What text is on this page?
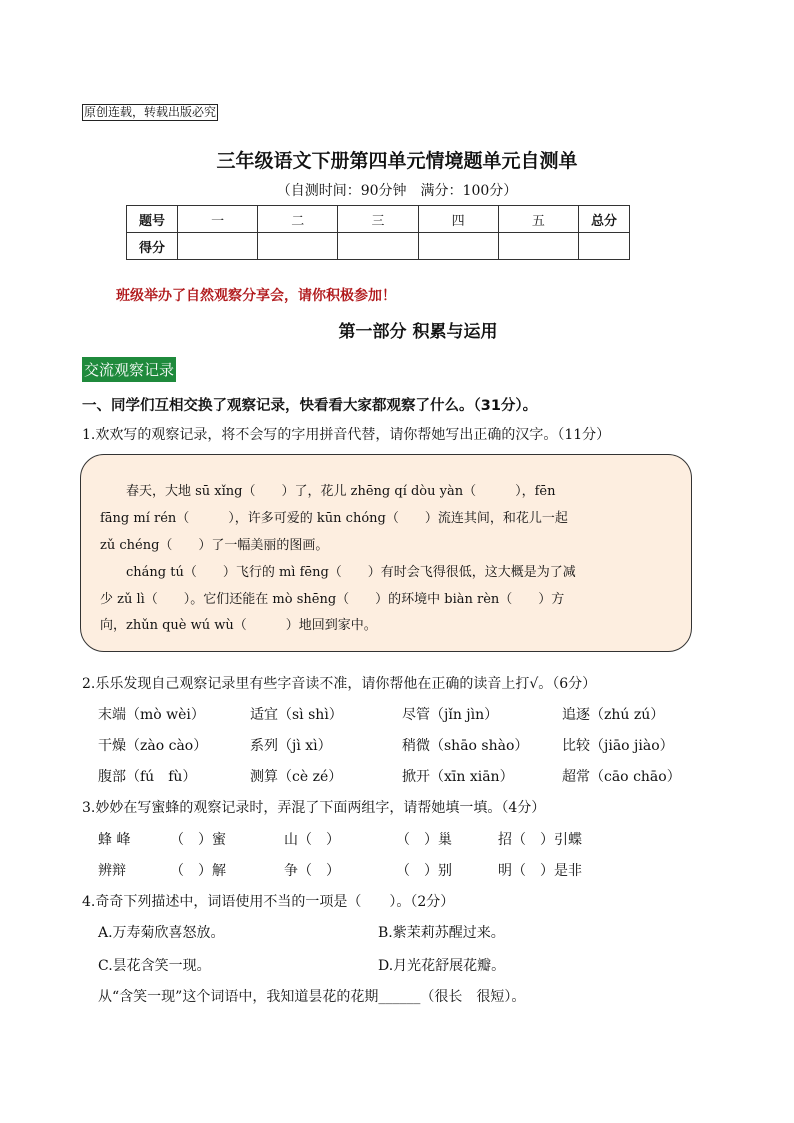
原创连载，转载出版必究
三年级语文下册第四单元情境题单元自测单
（自测时间：90分钟　满分：100分）
题号	一	二	三	四	五	总分
得分						
班级举办了自然观察分享会，请你积极参加！
第一部分 积累与运用
交流观察记录
一、同学们互相交换了观察记录，快看看大家都观察了什么。（31分）。
1.欢欢写的观察记录，将不会写的字用拼音代替，请你帮她写出正确的汉字。（11分）
　　春天，大地 sū xǐng（　　）了，花儿 zhēng qí dòu yàn（　　　），fēn
fāng mí rén（　　　），许多可爱的 kūn chóng（　　）流连其间，和花儿一起
zǔ chéng（　　）了一幅美丽的图画。
　　cháng tú（　　）飞行的 mì fēng（　　）有时会飞得很低，这大概是为了减
少 zǔ lì（　　）。它们还能在 mò shēng（　　）的环境中 biàn rèn（　　）方
向，zhǔn què wú wù（　　　）地回到家中。
2.乐乐发现自己观察记录里有些字音读不准，请你帮他在正确的读音上打√。（6分）
末端（mò wèi）	适宜（sì shì）	尽管（jǐn jìn）	追逐（zhú zú）
干燥（zào cào）	系列（jì xì）	稍微（shāo shào） 比较（jiāo jiào）
腹部（fú　fù）	测算（cè zé）	掀开（xīn xiān）	超常（cāo chāo）
3.妙妙在写蜜蜂的观察记录时，弄混了下面两组字，请帮她填一填。（4分）
蜂 峰	（　）蜜	山（　）	（　）巢	招（　）引蝶
辨辩	（　）解	争（　）	（　）别	明（　）是非
4.奇奇下列描述中，词语使用不当的一项是（　　）。（2分）
A.万寿菊欣喜怒放。	B.紫茉莉苏醒过来。
C.昙花含笑一现。	D.月光花舒展花瓣。
从“含笑一现”这个词语中，我知道昙花的花期______（很长　很短）。
